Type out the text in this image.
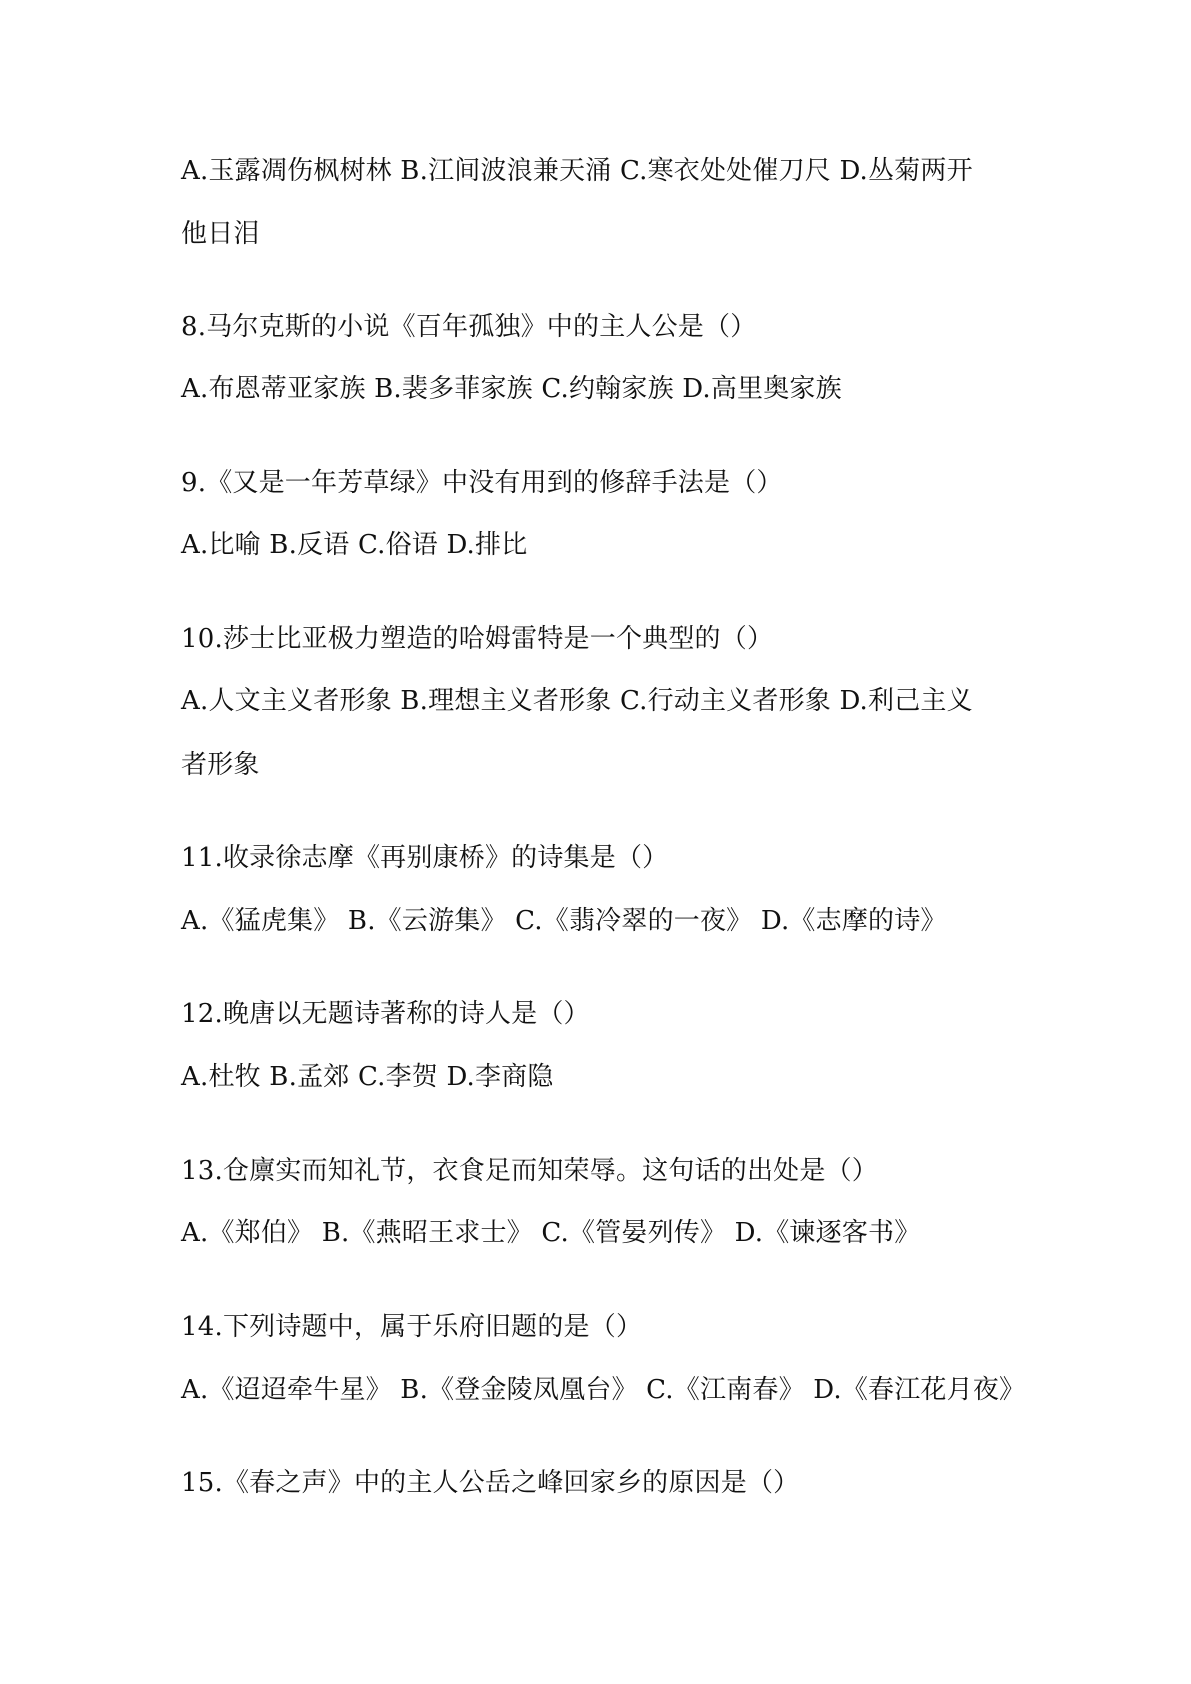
A.玉露凋伤枫树林 B.江间波浪兼天涌 C.寒衣处处催刀尺 D.丛菊两开
他日泪
8.马尔克斯的小说《百年孤独》中的主人公是（）
A.布恩蒂亚家族 B.裴多菲家族 C.约翰家族 D.高里奥家族
9.《又是一年芳草绿》中没有用到的修辞手法是（）
A.比喻 B.反语 C.俗语 D.排比
10.莎士比亚极力塑造的哈姆雷特是一个典型的（）
A.人文主义者形象 B.理想主义者形象 C.行动主义者形象 D.利己主义
者形象
11.收录徐志摩《再别康桥》的诗集是（）
A.《猛虎集》 B.《云游集》 C.《翡冷翠的一夜》 D.《志摩的诗》
12.晚唐以无题诗著称的诗人是（）
A.杜牧 B.孟郊 C.李贺 D.李商隐
13.仓廪实而知礼节，衣食足而知荣辱。这句话的出处是（）
A.《郑伯》 B.《燕昭王求士》 C.《管晏列传》 D.《谏逐客书》
14.下列诗题中，属于乐府旧题的是（）
A.《迢迢牵牛星》 B.《登金陵凤凰台》 C.《江南春》 D.《春江花月夜》
15.《春之声》中的主人公岳之峰回家乡的原因是（）
